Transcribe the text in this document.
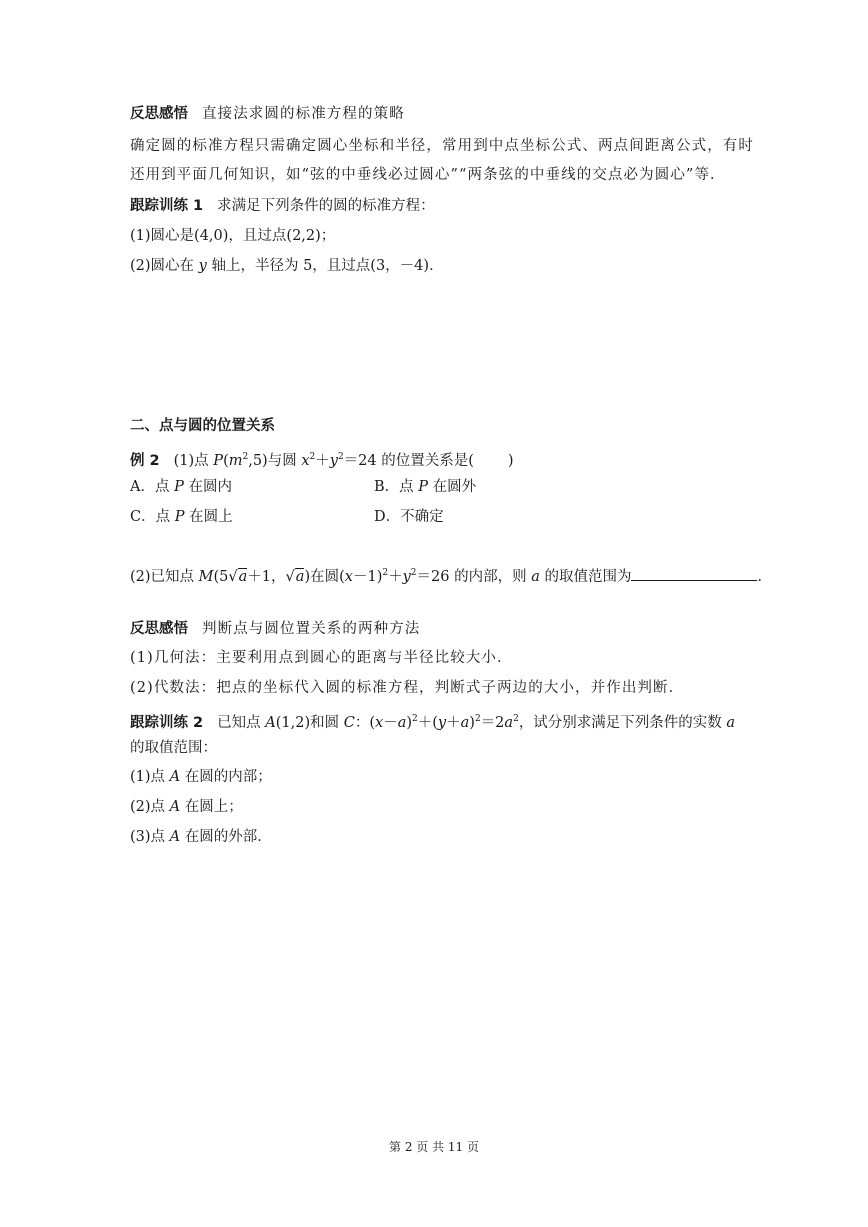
反思感悟 直接法求圆的标准方程的策略
确定圆的标准方程只需确定圆心坐标和半径，常用到中点坐标公式、两点间距离公式，有时
还用到平面几何知识，如“弦的中垂线必过圆心”“两条弦的中垂线的交点必为圆心”等．
跟踪训练 1 求满足下列条件的圆的标准方程：
(1)圆心是(4,0)，且过点(2,2)；
(2)圆心在 y 轴上，半径为 5，且过点(3，－4)．
二、点与圆的位置关系
例 2 (1)点 $P(m^2,5)$与圆 $x^2+y^2=24$ 的位置关系是( )
A．点 P 在圆内	B．点 P 在圆外
C．点 P 在圆上	D．不确定
(2)已知点 M(5√a＋1，√a)在圆$(x-1)^2+y^2=26$ 的内部，则 a 的取值范围为	．
反思感悟 判断点与圆位置关系的两种方法
(1)几何法：主要利用点到圆心的距离与半径比较大小．
(2)代数法：把点的坐标代入圆的标准方程，判断式子两边的大小，并作出判断．
跟踪训练 2 已知点 A(1,2)和圆 C：$(x-a)^2+(y+a)^2=2a^2$，试分别求满足下列条件的实数 a
的取值范围：
(1)点 A 在圆的内部；
(2)点 A 在圆上；
(3)点 A 在圆的外部．
第 2 页 共 11 页
